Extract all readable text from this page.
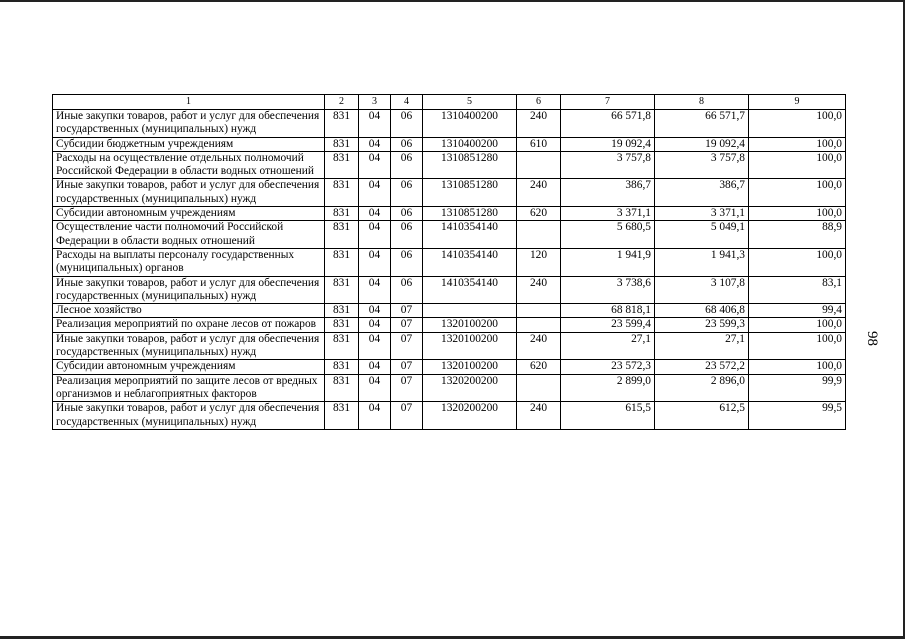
1	2	3	4	5	6	7	8	9
Иные закупки товаров, работ и услуг для обеспечения государственных (муниципальных) нужд	831	04	06	1310400200	240	66 571,8	66 571,7	100,0
Субсидии бюджетным учреждениям	831	04	06	1310400200	610	19 092,4	19 092,4	100,0
Расходы на осуществление отдельных полномочий Российской Федерации в области водных отношений	831	04	06	1310851280		3 757,8	3 757,8	100,0
Иные закупки товаров, работ и услуг для обеспечения государственных (муниципальных) нужд	831	04	06	1310851280	240	386,7	386,7	100,0
Субсидии автономным учреждениям	831	04	06	1310851280	620	3 371,1	3 371,1	100,0
Осуществление части полномочий Российской Федерации в области водных отношений	831	04	06	1410354140		5 680,5	5 049,1	88,9
Расходы на выплаты персоналу государственных (муниципальных) органов	831	04	06	1410354140	120	1 941,9	1 941,3	100,0
Иные закупки товаров, работ и услуг для обеспечения государственных (муниципальных) нужд	831	04	06	1410354140	240	3 738,6	3 107,8	83,1
Лесное хозяйство	831	04	07			68 818,1	68 406,8	99,4
Реализация мероприятий по охране лесов от пожаров	831	04	07	1320100200		23 599,4	23 599,3	100,0
Иные закупки товаров, работ и услуг для обеспечения государственных (муниципальных) нужд	831	04	07	1320100200	240	27,1	27,1	100,0
Субсидии автономным учреждениям	831	04	07	1320100200	620	23 572,3	23 572,2	100,0
Реализация мероприятий по защите лесов от вредных организмов и неблагоприятных факторов	831	04	07	1320200200		2 899,0	2 896,0	99,9
Иные закупки товаров, работ и услуг для обеспечения государственных (муниципальных) нужд	831	04	07	1320200200	240	615,5	612,5	99,5
98
